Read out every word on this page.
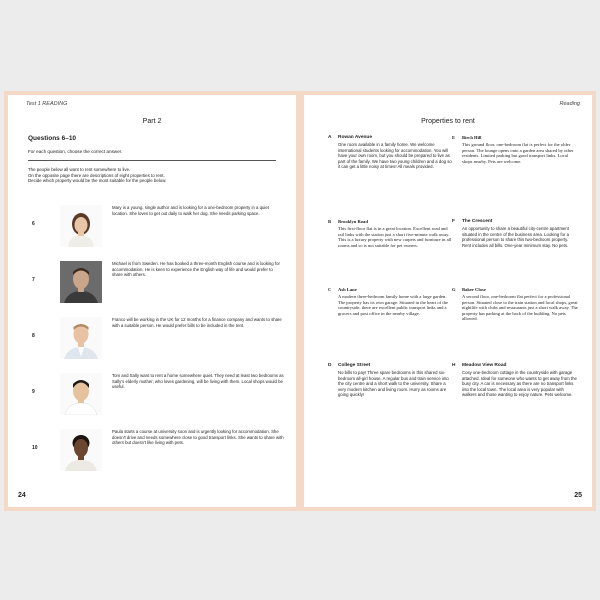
Test 1 READING
Part 2
Questions 6–10
For each question, choose the correct answer.
The people below all want to rent somewhere to live.
On the opposite page there are descriptions of eight properties to rent.
Decide which property would be the most suitable for the people below.
6
Mary is a young, single author and is looking for a one-bedroom property in a quiet location. She loves to get out daily to walk her dog. She needs parking space.
7
Michael is from Sweden. He has booked a three-month English course and is looking for accommodation. He is keen to experience the English way of life and would prefer to share with others.
8
Franco will be working in the UK for 12 months for a finance company and wants to share with a suitable person. He would prefer bills to be included in the rent.
9
Tom and Sally want to rent a home somewhere quiet. They need at least two bedrooms as Sally's elderly mother, who loves gardening, will be living with them. Local shops would be useful.
10
Paula starts a course at university soon and is urgently looking for accommodation. She doesn't drive and needs somewhere close to good transport links. She wants to share with others but doesn't like living with pets.
24
Reading
Properties to rent
A Rowan Avenue
One room available in a family home. We welcome international students looking for accommodation. You will have your own room, but you should be prepared to live as part of the family. We have two young children and a dog so it can get a little noisy at times! All meals provided.
B Brooklyn Road
This first-floor flat is in a great location. Excellent road and rail links with the station just a short five-minute walk away. This is a luxury property with new carpets and furniture in all rooms and so is not suitable for pet owners.
C Ash Lane
A modern three-bedroom family home with a large garden. The property has its own garage. Situated in the heart of the countryside, there are excellent public transport links and a grocers and post office in the nearby village.
D College Street
No bills to pay! Three spare bedrooms in this shared six-bedroom all-girl house. A regular bus and train service into the city centre and a short walk to the university. Share a very modern kitchen and living room. Hurry as rooms are going quickly!
E Birch Hill
This ground floor, one-bedroom flat is perfect for the older person. The lounge opens onto a garden area shared by other residents. Limited parking but good transport links. Local shops nearby. Pets are welcome.
F The Crescent
An opportunity to share a beautiful city-centre apartment situated in the centre of the business area. Looking for a professional person to share this two-bedroom property. Rent includes all bills. One-year minimum stay. No pets.
G Baker Close
A second floor, one-bedroom flat perfect for a professional person. Situated close to the train station and local shops, great nightlife with clubs and restaurants just a short walk away. The property has parking at the back of the building. No pets allowed.
H Meadow View Road
Cosy one-bedroom cottage in the countryside with garage attached. Ideal for someone who wants to get away from the busy city. A car is necessary as there are no transport links into the local town. The local area is very popular with walkers and those wanting to enjoy nature. Pets welcome.
25
